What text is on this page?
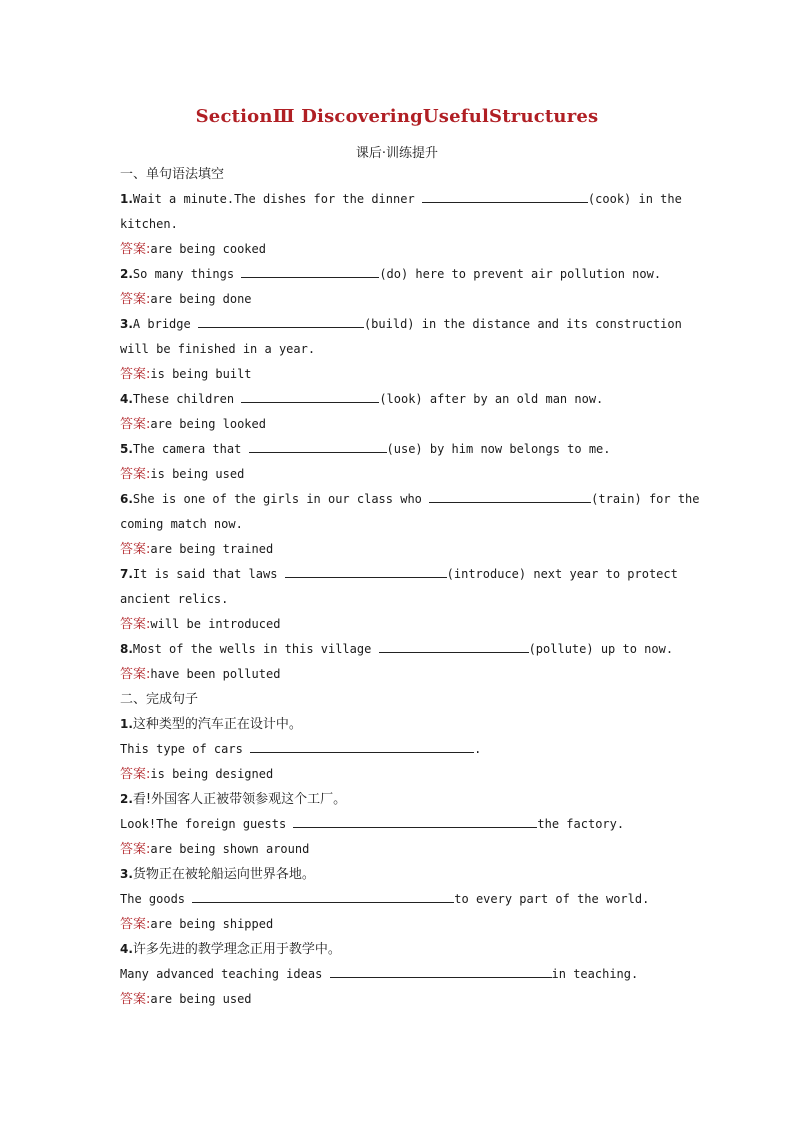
SectionⅢ DiscoveringUsefulStructures
课后·训练提升
一、单句语法填空
1.Wait a minute.The dishes for the dinner	(cook) in the
kitchen.
答案:are being cooked
2.So many things	(do) here to prevent air pollution now.
答案:are being done
3.A bridge	(build) in the distance and its construction
will be finished in a year.
答案:is being built
4.These children	(look) after by an old man now.
答案:are being looked
5.The camera that	(use) by him now belongs to me.
答案:is being used
6.She is one of the girls in our class who	(train) for the
coming match now.
答案:are being trained
7.It is said that laws	(introduce) next year to protect
ancient relics.
答案:will be introduced
8.Most of the wells in this village	(pollute) up to now.
答案:have been polluted
二、完成句子
1.这种类型的汽车正在设计中。
This type of cars	.
答案:is being designed
2.看!外国客人正被带领参观这个工厂。
Look!The foreign guests	the factory.
答案:are being shown around
3.货物正在被轮船运向世界各地。
The goods	to every part of the world.
答案:are being shipped
4.许多先进的教学理念正用于教学中。
Many advanced teaching ideas	in teaching.
答案:are being used
